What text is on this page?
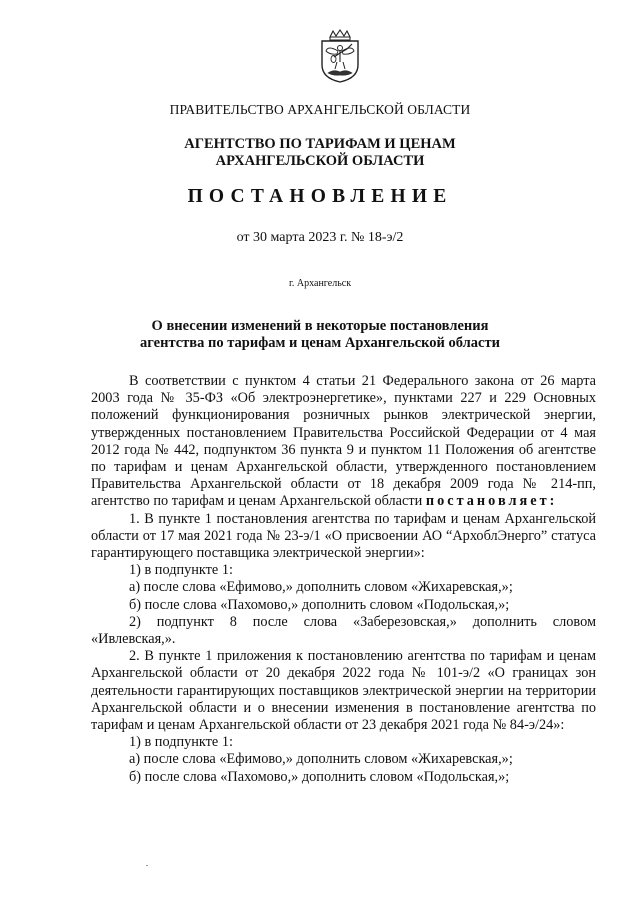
ПРАВИТЕЛЬСТВО АРХАНГЕЛЬСКОЙ ОБЛАСТИ
АГЕНТСТВО ПО ТАРИФАМ И ЦЕНАМ
АРХАНГЕЛЬСКОЙ ОБЛАСТИ
ПОСТАНОВЛЕНИЕ
от 30 марта 2023 г. № 18-э/2
г. Архангельск
О внесении изменений в некоторые постановления
агентства по тарифам и ценам Архангельской области

В соответствии с пунктом 4 статьи 21 Федерального закона от 26 марта 2003 года № 35-ФЗ «Об электроэнергетике», пунктами 227 и 229 Основных положений функционирования розничных рынков электрической энергии, утвержденных постановлением Правительства Российской Федерации от 4 мая 2012 года № 442, подпунктом 36 пункта 9 и пунктом 11 Положения об агентстве по тарифам и ценам Архангельской области, утвержденного постановлением Правительства Архангельской области от 18 декабря 2009 года № 214-пп, агентство по тарифам и ценам Архангельской области постановляет:

1. В пункте 1 постановления агентства по тарифам и ценам Архангельской области от 17 мая 2021 года № 23-э/1 «О присвоении АО “АрхоблЭнерго” статуса гарантирующего поставщика электрической энергии»:

1) в подпункте 1:

а) после слова «Ефимово,» дополнить словом «Жихаревская,»;

б) после слова «Пахомово,» дополнить словом «Подольская,»;

2) подпункт 8 после слова «Заберезовская,» дополнить словом «Ивлевская,».

2. В пункте 1 приложения к постановлению агентства по тарифам и ценам Архангельской области от 20 декабря 2022 года № 101-э/2 «О границах зон деятельности гарантирующих поставщиков электрической энергии на территории Архангельской области и о внесении изменения в постановление агентства по тарифам и ценам Архангельской области от 23 декабря 2021 года № 84-э/24»:

1) в подпункте 1:

а) после слова «Ефимово,» дополнить словом «Жихаревская,»;

б) после слова «Пахомово,» дополнить словом «Подольская,»;
